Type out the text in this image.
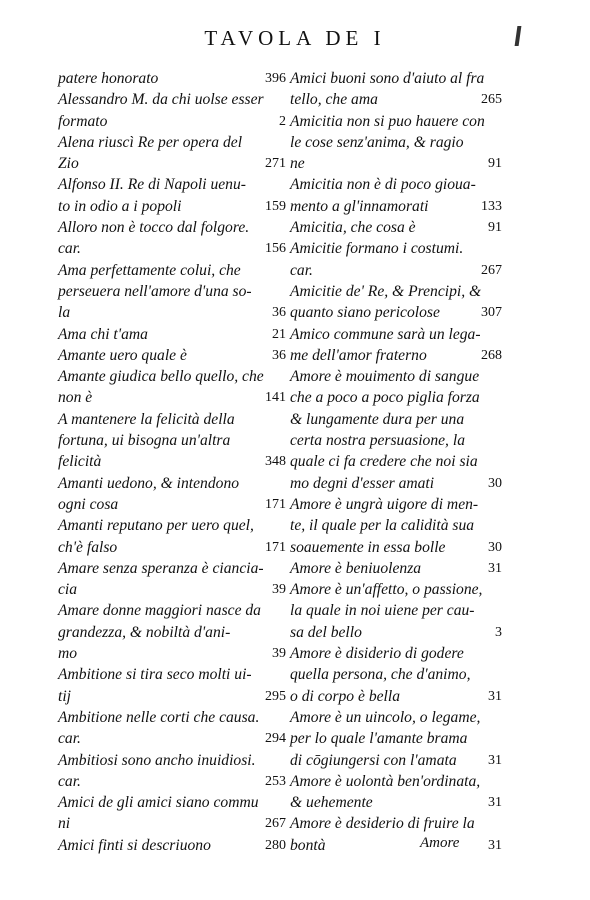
TAVOLA DE I
patere honorato	396
Alessandro M. da chi uolse esser
formato	2
Alena riuscì Re per opera del
Zio	271
Alfonso II. Re di Napoli uenu-
to in odio a i popoli	159
Alloro non è tocco dal folgore.
car.	156
Ama perfettamente colui, che
perseuera nell'amore d'una so-
la	36
Ama chi t'ama	21
Amante uero quale è	36
Amante giudica bello quello, che
non è	141
A mantenere la felicità della
fortuna, ui bisogna un'altra
felicità	348
Amanti uedono, & intendono
ogni cosa	171
Amanti reputano per uero quel,
ch'è falso	171
Amare senza speranza è ciancia-
cia	39
Amare donne maggiori nasce da
grandezza, & nobiltà d'ani-
mo	39
Ambitione si tira seco molti ui-
tij	295
Ambitione nelle corti che causa.
car.	294
Ambitiosi sono ancho inuidiosi.
car.	253
Amici de gli amici siano commu
ni	267
Amici finti si descriuono	280
Amici buoni sono d'aiuto al fra
tello, che ama	265
Amicitia non si puo hauere con
le cose senz'anima, & ragio
ne	91
Amicitia non è di poco giouа-
mento a gl'innamorati	133
Amicitia, che cosa è	91
Amicitie formano i costumi.
car.	267
Amicitie de' Re, & Prencipi, &
quanto siano pericolose	307
Amico commune sarà un lega-
me dell'amor fraterno	268
Amore è mouimento di sangue
che a poco a poco piglia forza
& lungamente dura per una
certa nostra persuasione, la
quale ci fa credere che noi sia
mo degni d'esser amati	30
Amore è ungrà uigore di men-
te, il quale per la calidità sua
soauemente in essa bolle	30
Amore è beniuolenza	31
Amore è un'affetto, o passione,
la quale in noi uiene per cau-
sa del bello	3
Amore è disiderio di godere
quella persona, che d'animo,
o di corpo è bella	31
Amore è un uincolo, o legame,
per lo quale l'amante brama
di cōgiungersi con l'amata 31
Amore è uolontà ben'ordinata,
& uehemente	31
Amore è desiderio di fruire la
bontà	31
Amore
